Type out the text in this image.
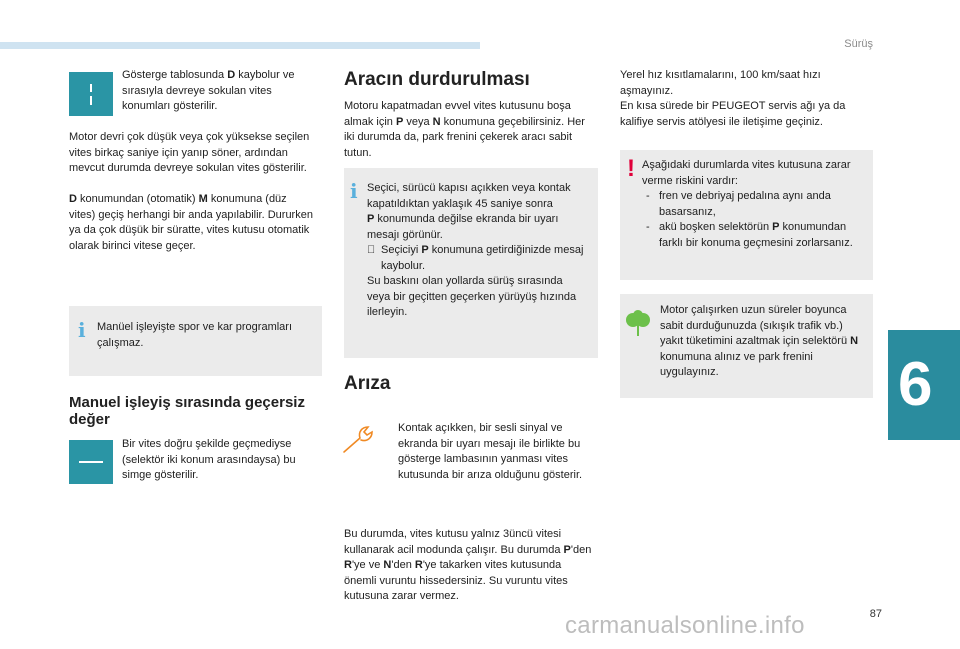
Sürüş
6

Gösterge tablosunda D kaybolur ve sırasıyla devreye sokulan vites konumları gösterilir.

Motor devri çok düşük veya çok yüksekse seçilen vites birkaç saniye için yanıp söner, ardından mevcut durumda devreye sokulan vites gösterilir.

D konumundan (otomatik) M konumuna (düz vites) geçiş herhangi bir anda yapılabilir. Dururken ya da çok düşük bir süratte, vites kutusu otomatik olarak birinci vitese geçer.

i Manüel işleyişte spor ve kar programları çalışmaz.

Manuel işleyiş sırasında geçersiz değer

Bir vites doğru şekilde geçmediyse (selektör iki konum arasındaysa) bu simge gösterilir.

Aracın durdurulması

Motoru kapatmadan evvel vites kutusunu boşa almak için P veya N konumuna geçebilirsiniz. Her iki durumda da, park frenini çekerek aracı sabit tutun.

i Seçici, sürücü kapısı açıkken veya kontak kapatıldıktan yaklaşık 45 saniye sonra

P konumunda değilse ekranda bir uyarı mesajı görünür.

Seçiciyi P konumuna getirdiğinizde mesaj kaybolur.

Su baskını olan yollarda sürüş sırasında veya bir geçitten geçerken yürüyüş hızında ilerleyin.

Arıza

Kontak açıkken, bir sesli sinyal ve ekranda bir uyarı mesajı ile birlikte bu gösterge lambasının yanması vites kutusunda bir arıza olduğunu gösterir.

Bu durumda, vites kutusu yalnız 3üncü vitesi kullanarak acil modunda çalışır. Bu durumda P'den R'ye ve N'den R'ye takarken vites kutusunda önemli vuruntu hissedersiniz. Su vuruntu vites kutusuna zarar vermez.

Yerel hız kısıtlamalarını, 100 km/saat hızı aşmayınız.

En kısa sürede bir PEUGEOT servis ağı ya da kalifiye servis atölyesi ile iletişime geçiniz.

! Aşağıdaki durumlarda vites kutusuna zarar verme riskini vardır:

- fren ve debriyaj pedalına aynı anda basarsanız,

- akü boşken selektörün P konumundan farklı bir konuma geçmesini zorlarsanız.

Motor çalışırken uzun süreler boyunca sabit durduğunuzda (sıkışık trafik vb.) yakıt tüketimini azaltmak için selektörü N konumuna alınız ve park frenini uygulayınız.

87
carmanualsonline.info
